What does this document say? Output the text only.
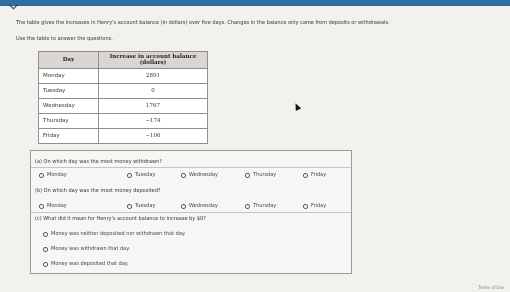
The table gives the increases in Henry's account balance (in dollars) over five days. Changes in the balance only came from deposits or withdrawals.
Use the table to answer the questions.
Day	Increase in account balance (dollars)
Monday	2891
Tuesday	0
Wednesday	1767
Thursday	−174
Friday	−106
(a) On which day was the most money withdrawn?
Monday	Tuesday	Wednesday	Thursday	Friday
(b) On which day was the most money deposited?
Monday	Tuesday	Wednesday	Thursday	Friday
(c) What did it mean for Henry's account balance to increase by $0?
Money was neither deposited nor withdrawn that day.
Money was withdrawn that day.
Money was deposited that day.
Terms of Use
